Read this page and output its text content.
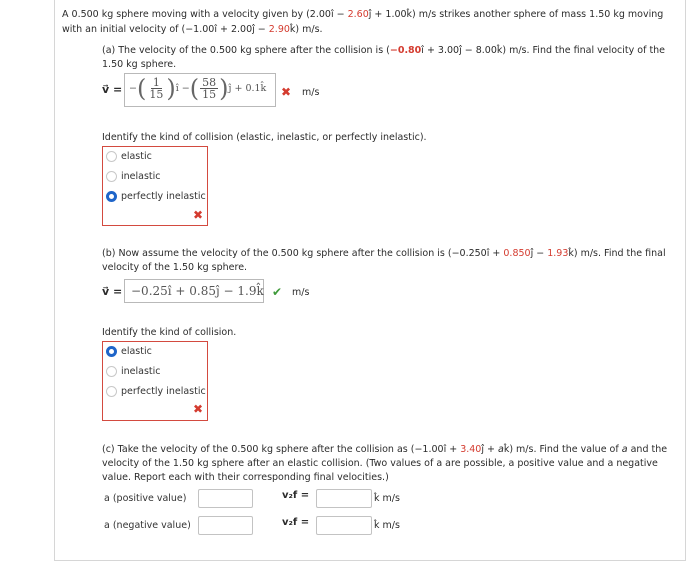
A 0.500 kg sphere moving with a velocity given by (2.00î − 2.60ĵ + 1.00k̂) m/s strikes another sphere of mass 1.50 kg moving
with an initial velocity of (−1.00î + 2.00ĵ − 2.90k̂) m/s.
(a) The velocity of the 0.500 kg sphere after the collision is (−0.80î + 3.00ĵ − 8.00k̂) m/s. Find the final velocity of the
1.50 kg sphere.
v⃗ = −( $\frac{1}{15}$ )î −( $\frac{58}{15}$ )ĵ + 0.1k̂	✖ m/s
Identify the kind of collision (elastic, inelastic, or perfectly inelastic).
elastic
inelastic
perfectly inelastic
✖
(b) Now assume the velocity of the 0.500 kg sphere after the collision is (−0.250î + 0.850ĵ − 1.93k̂) m/s. Find the final
velocity of the 1.50 kg sphere.
v⃗ = −0.25î + 0.85ĵ − 1.9k̂ ✔ m/s
Identify the kind of collision.
elastic
inelastic
perfectly inelastic
✖
(c) Take the velocity of the 0.500 kg sphere after the collision as (−1.00î + 3.40ĵ + ak̂) m/s. Find the value of a and the
velocity of the 1.50 kg sphere after an elastic collision. (Two values of a are possible, a positive value and a negative
value. Report each with their corresponding final velocities.)
a (positive value)	v₂f =	k̂ m/s
a (negative value)	v₂f =	k̂ m/s
